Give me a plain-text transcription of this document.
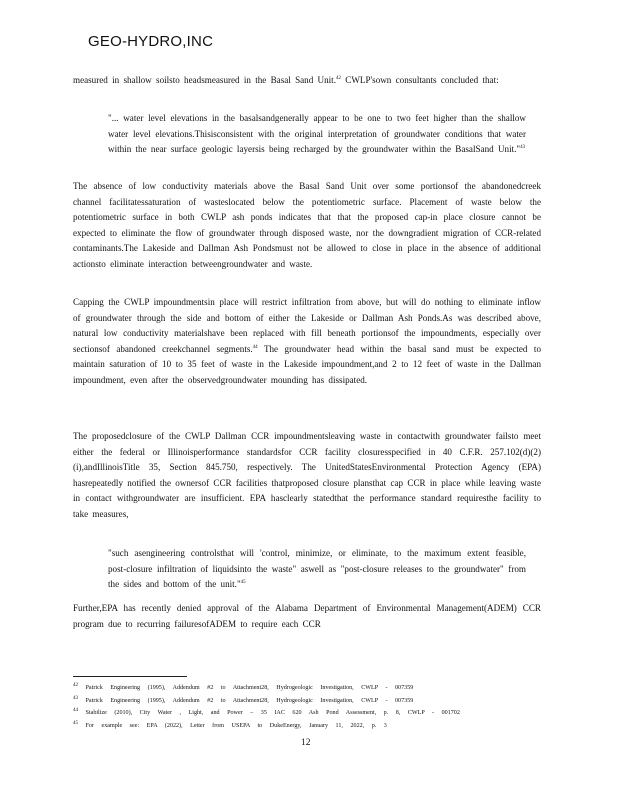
GEO-HYDRO,INC
measured in shallow soilsto headsmeasured in the Basal Sand Unit.$^{42}$ CWLP'sown consultants concluded that:
"... water level elevations in the basalsandgenerally appear to be one to two feet higher than the shallow water level elevations.Thisisconsistent with the original interpretation of groundwater conditions that water within the near surface geologic layersis being recharged by the groundwater within the BasalSand Unit."$^{43}$
The absence of low conductivity materials above the Basal Sand Unit over some portionsof the abandonedcreek channel facilitatessaturation of wasteslocated below the potentiometric surface. Placement of waste below the potentiometric surface in both CWLP ash ponds indicates that that the proposed cap-in place closure cannot be expected to eliminate the flow of groundwater through disposed waste, nor the downgradient migration of CCR-related contaminants.The Lakeside and Dallman Ash Pondsmust not be allowed to close in place in the absence of additional actionsto eliminate interaction betweengroundwater and waste.
Capping the CWLP impoundmentsin place will restrict infiltration from above, but will do nothing to eliminate inflow of groundwater through the side and bottom of either the Lakeside or Dallman Ash Ponds.As was described above, natural low conductivity materialshave been replaced with fill beneath portionsof the impoundments, especially over sectionsof abandoned creekchannel segments.$^{44}$ The groundwater head within the basal sand must be expected to maintain saturation of 10 to 35 feet of waste in the Lakeside impoundment,and 2 to 12 feet of waste in the Dallman impoundment, even after the observedgroundwater mounding has dissipated.
The proposedclosure of the CWLP Dallman CCR impoundmentsleaving waste in contactwith groundwater failsto meet either the federal or Illinoisperformance standardsfor CCR facility closuresspecified in 40 C.F.R. 257.102(d)(2)(i),andIllinoisTitle 35, Section 845.750, respectively. The UnitedStatesEnvironmental Protection Agency (EPA) hasrepeatedly notified the ownersof CCR facilities thatproposed closure plansthat cap CCR in place while leaving waste in contact withgroundwater are insufficient. EPA hasclearly statedthat the performance standard requiresthe facility to take measures,
"such asengineering controlsthat will 'control, minimize, or eliminate, to the maximum extent feasible, post-closure infiltration of liquidsinto the waste" aswell as "post-closure releases to the groundwater" from the sides and bottom of the unit."$^{45}$
Further,EPA has recently denied approval of the Alabama Department of Environmental Management(ADEM) CCR program due to recurring failuresofADEM to require each CCR
$^{42}$ Patrick Engineering (1995), Addendum #2 to Attachment28, Hydrogeologic Investigation, CWLP - 007359
$^{43}$ Patrick Engineering (1995), Addendum #2 to Attachment28, Hydrogeologic Investigation, CWLP - 007359
$^{44}$ Stabilize (2010), City Water , Light, and Power – 35 IAC 620 Ash Pond Assessment, p. 8, CWLP - 001702
$^{45}$ For example see: EPA (2022), Letter from USEPA to DukeEnergy, January 11, 2022, p. 3
12
